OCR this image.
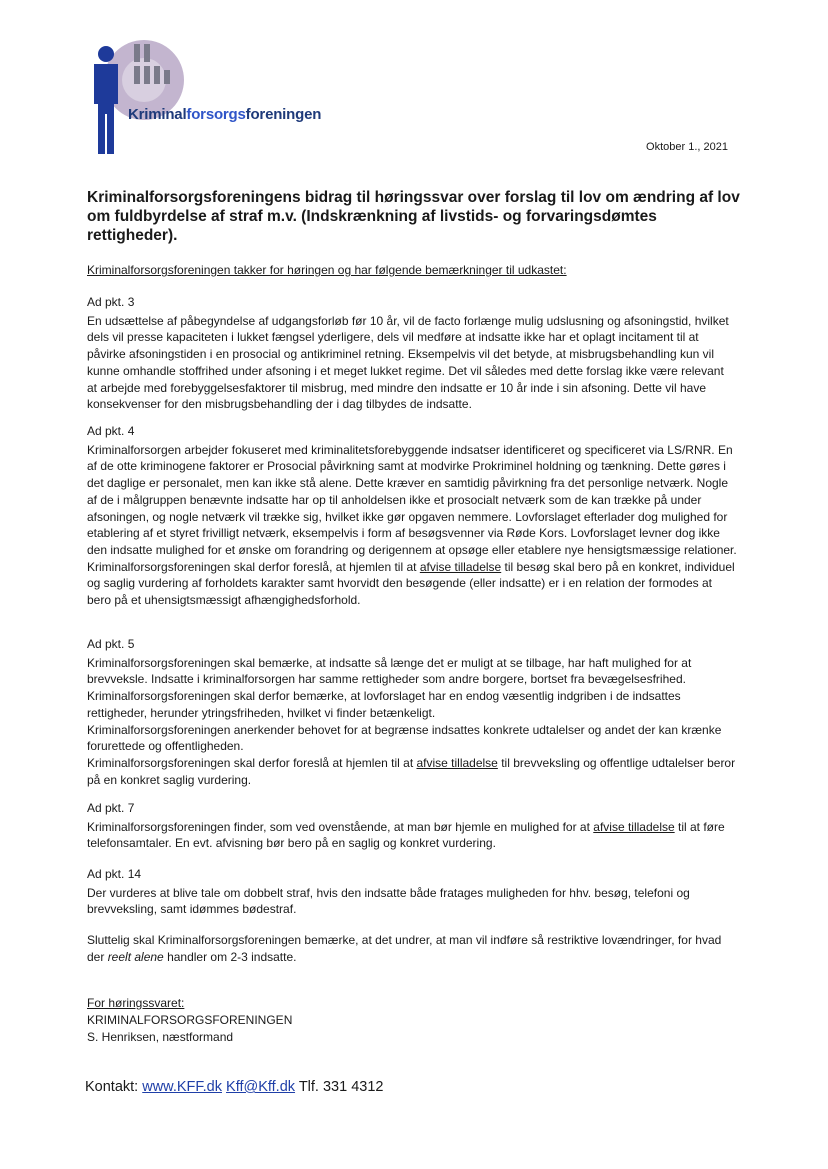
Kriminalforsorgsforeningen
Oktober 1., 2021
Kriminalforsorgsforeningens bidrag til høringssvar over forslag til lov om ændring af lov om fuldbyrdelse af straf m.v. (Indskrænkning af livstids- og forvaringsdømtes rettigheder).
Kriminalforsorgsforeningen takker for høringen og har følgende bemærkninger til udkastet:
Ad pkt. 3
En udsættelse af påbegyndelse af udgangsforløb før 10 år, vil de facto forlænge mulig udslusning og afsoningstid, hvilket dels vil presse kapaciteten i lukket fængsel yderligere, dels vil medføre at indsatte ikke har et oplagt incitament til at påvirke afsoningstiden i en prosocial og antikriminel retning. Eksempelvis vil det betyde, at misbrugsbehandling kun vil kunne omhandle stoffrihed under afsoning i et meget lukket regime. Det vil således med dette forslag ikke være relevant at arbejde med forebyggelsesfaktorer til misbrug, med mindre den indsatte er 10 år inde i sin afsoning. Dette vil have konsekvenser for den misbrugsbehandling der i dag tilbydes de indsatte.
Ad pkt. 4
Kriminalforsorgen arbejder fokuseret med kriminalitetsforebyggende indsatser identificeret og specificeret via LS/RNR. En af de otte kriminogene faktorer er Prosocial påvirkning samt at modvirke Prokriminel holdning og tænkning. Dette gøres i det daglige er personalet, men kan ikke stå alene. Dette kræver en samtidig påvirkning fra det personlige netværk. Nogle af de i målgruppen benævnte indsatte har op til anholdelsen ikke et prosocialt netværk som de kan trække på under afsoningen, og nogle netværk vil trække sig, hvilket ikke gør opgaven nemmere. Lovforslaget efterlader dog mulighed for etablering af et styret frivilligt netværk, eksempelvis i form af besøgsvenner via Røde Kors. Lovforslaget levner dog ikke den indsatte mulighed for et ønske om forandring og derigennem at opsøge eller etablere nye hensigtsmæssige relationer.
Kriminalforsorgsforeningen skal derfor foreslå, at hjemlen til at afvise tilladelse til besøg skal bero på en konkret, individuel og saglig vurdering af forholdets karakter samt hvorvidt den besøgende (eller indsatte) er i en relation der formodes at bero på et uhensigtsmæssigt afhængighedsforhold.
Ad pkt. 5
Kriminalforsorgsforeningen skal bemærke, at indsatte så længe det er muligt at se tilbage, har haft mulighed for at brevveksle. Indsatte i kriminalforsorgen har samme rettigheder som andre borgere, bortset fra bevægelsesfrihed.
Kriminalforsorgsforeningen skal derfor bemærke, at lovforslaget har en endog væsentlig indgriben i de indsattes rettigheder, herunder ytringsfriheden, hvilket vi finder betænkeligt.
Kriminalforsorgsforeningen anerkender behovet for at begrænse indsattes konkrete udtalelser og andet der kan krænke forurettede og offentligheden.
Kriminalforsorgsforeningen skal derfor foreslå at hjemlen til at afvise tilladelse til brevveksling og offentlige udtalelser beror på en konkret saglig vurdering.
Ad pkt. 7
Kriminalforsorgsforeningen finder, som ved ovenstående, at man bør hjemle en mulighed for at afvise tilladelse til at føre telefonsamtaler. En evt. afvisning bør bero på en saglig og konkret vurdering.
Ad pkt. 14
Der vurderes at blive tale om dobbelt straf, hvis den indsatte både fratages muligheden for hhv. besøg, telefoni og brevveksling, samt idømmes bødestraf.
Sluttelig skal Kriminalforsorgsforeningen bemærke, at det undrer, at man vil indføre så restriktive lovændringer, for hvad der reelt alene handler om 2-3 indsatte.
For høringssvaret:
KRIMINALFORSORGSFORENINGEN
S. Henriksen, næstformand
Kontakt: www.KFF.dk Kff@Kff.dk Tlf. 331 4312
